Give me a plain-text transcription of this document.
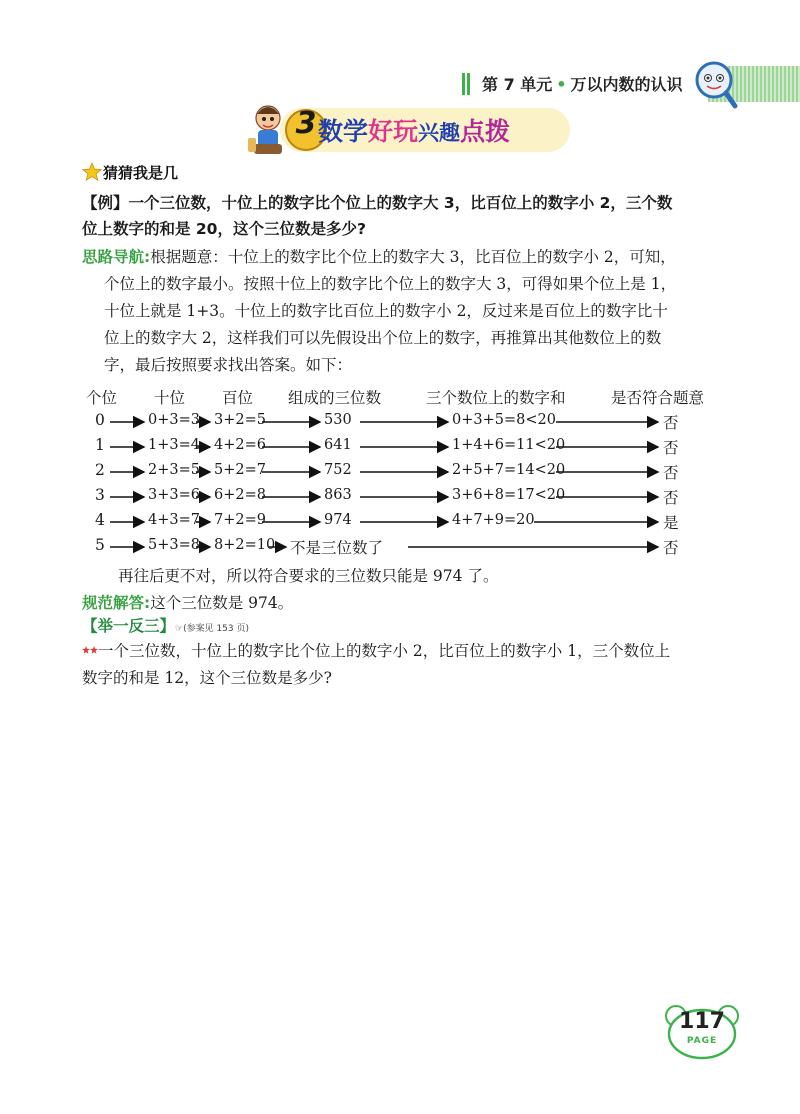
第 7 单元 • 万以内数的认识
3 数学好玩兴趣点拨
猜猜我是几
【例】一个三位数，十位上的数字比个位上的数字大 3，比百位上的数字小 2，三个数
位上数字的和是 20，这个三位数是多少?
思路导航:根据题意：十位上的数字比个位上的数字大 3，比百位上的数字小 2，可知，
个位上的数字最小。按照十位上的数字比个位上的数字大 3，可得如果个位上是 1，
十位上就是 1+3。十位上的数字比百位上的数字小 2，反过来是百位上的数字比十
位上的数字大 2，这样我们可以先假设出个位上的数字，再推算出其他数位上的数
字，最后按照要求找出答案。如下：
个位 十位 百位 组成的三位数	三个数位上的数字和	是否符合题意
0	0+3=3 3+2=5	530	0+3+5=8<20	否
1	1+3=4 4+2=6	641	1+4+6=11<20	否
2	2+3=5 5+2=7	752	2+5+7=14<20	否
3	3+3=6 6+2=8	863	3+6+8=17<20	否
4	4+3=7 7+2=9	974	4+7+9=20	是
5	5+3=8 8+2=10 不是三位数了	否
再往后更不对，所以符合要求的三位数只能是 974 了。
规范解答:这个三位数是 974。
【举一反三】☞(参案见 153 页)
一个三位数，十位上的数字比个位上的数字小 2，比百位上的数字小 1，三个数位上
数字的和是 12，这个三位数是多少?
117
PAGE
